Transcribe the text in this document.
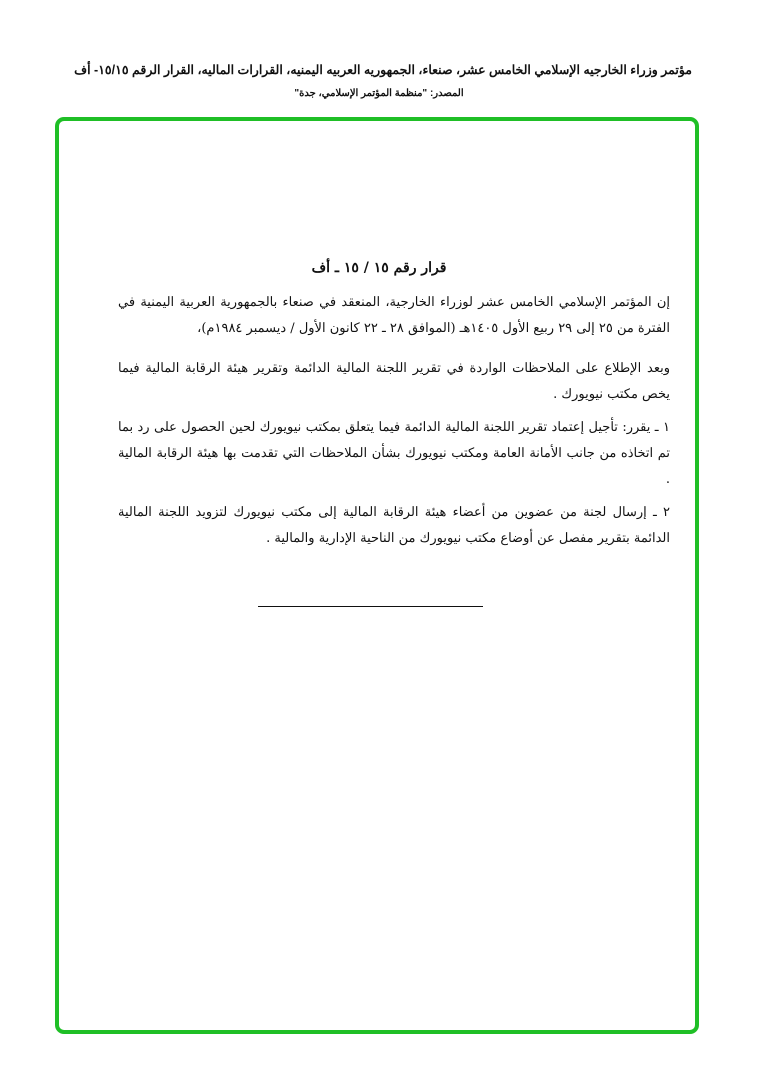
مؤتمر وزراء الخارجيه الإسلامي الخامس عشر، صنعاء، الجمهوريه العربيه اليمنيه، القرارات الماليه، القرار الرقم ١٥/١٥- أف
المصدر: "منظمة المؤتمر الإسلامي، جدة"
قرار رقم ١٥ / ١٥ ـ أف
إن المؤتمر الإسلامي الخامس عشر لوزراء الخارجية، المنعقد في صنعاء بالجمهورية العربية اليمنية في الفترة من ٢٥ إلى ٢٩ ربيع الأول ١٤٠٥هـ (الموافق ٢٨ ـ ٢٢ كانون الأول / ديسمبر ١٩٨٤م)،
وبعد الإطلاع على الملاحظات الواردة في تقرير اللجنة المالية الدائمة وتقرير هيئة الرقابة المالية فيما يخص مكتب نيويورك .
١ ـ يقرر: تأجيل إعتماد تقرير اللجنة المالية الدائمة فيما يتعلق بمكتب نيويورك لحين الحصول على رد بما تم اتخاذه من جانب الأمانة العامة ومكتب نيويورك بشأن الملاحظات التي تقدمت بها هيئة الرقابة المالية .
٢ ـ إرسال لجنة من عضوين من أعضاء هيئة الرقابة المالية إلى مكتب نيويورك لتزويد اللجنة المالية الدائمة بتقرير مفصل عن أوضاع مكتب نيويورك من الناحية الإدارية والمالية .
